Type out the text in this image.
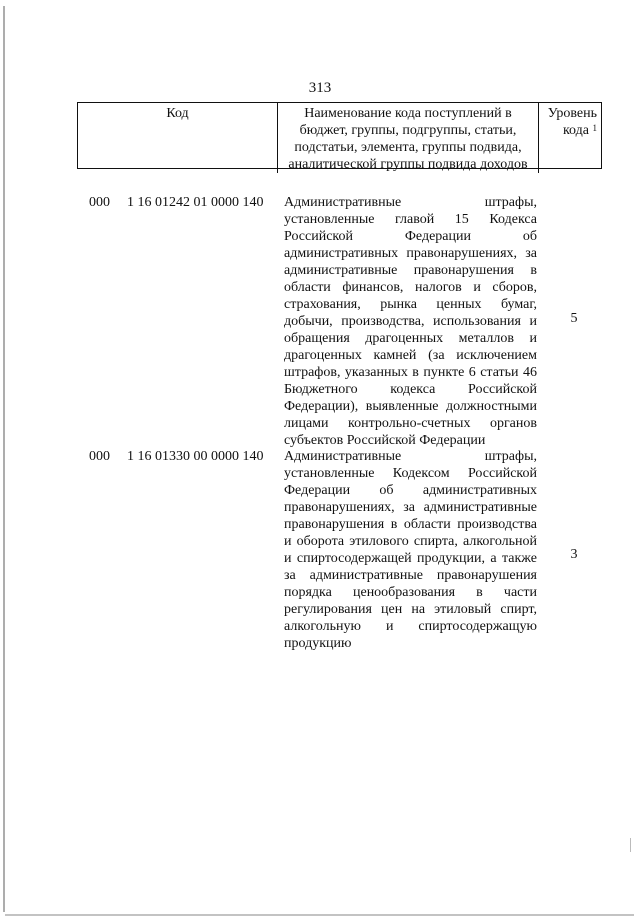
313
Код	Наименование кода поступлений в бюджет, группы, подгруппы, статьи, подстатьи, элемента, группы подвида, аналитической группы подвида доходов
Уровень кода $^1$
000 1 16 01242 01 0000 140 Административные штрафы, установленные главой 15 Кодекса Российской Федерации об административных правонарушениях, за административные правонарушения в области финансов, налогов и сборов, страхования, рынка ценных бумаг, добычи, производства, использования и обращения драгоценных металлов и драгоценных камней (за исключением штрафов, указанных в пункте 6 статьи 46 Бюджетного кодекса Российской Федерации), выявленные должностными лицами контрольно-счетных органов субъектов Российской Федерации
5
000 1 16 01330 00 0000 140 Административные штрафы, установленные Кодексом Российской Федерации об административных правонарушениях, за административные правонарушения в области производства и оборота этилового спирта, алкогольной и спиртосодержащей продукции, а также за административные правонарушения порядка ценообразования в части регулирования цен на этиловый спирт, алкогольную и спиртосодержащую продукцию
3
